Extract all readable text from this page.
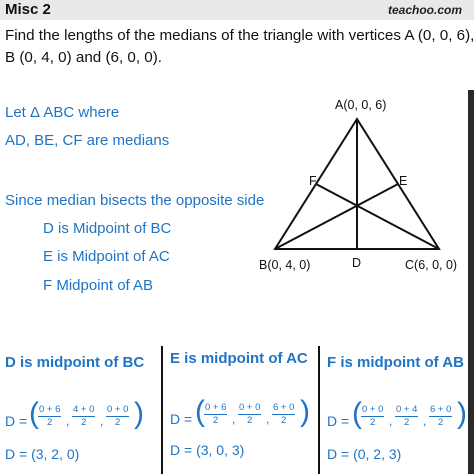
Misc 2	teachoo.com
Find the lengths of the medians of the triangle with vertices A (0, 0, 6),
B (0, 4, 0) and (6, 0, 0).
Let Δ ABC where
AD, BE, CF are medians
Since median bisects the opposite side
D is Midpoint of BC
E is Midpoint of AC
F Midpoint of AB
A(0, 0, 6)
B(0, 4, 0)	C(6, 0, 0)
D
E
F
D is midpoint of BC
D = ( $\frac{0 + 6}{2}$ , $\frac{4 + 0}{2}$ , $\frac{0 + 0}{2}$ )
D = (3, 2, 0)
E is midpoint of AC
D = ( $\frac{0 + 6}{2}$ , $\frac{0 + 0}{2}$ , $\frac{6 + 0}{2}$ )
D = (3, 0, 3)
F is midpoint of AB
D = ( $\frac{0 + 0}{2}$ , $\frac{0 + 4}{2}$ , $\frac{6 + 0}{2}$ )
D = (0, 2, 3)
